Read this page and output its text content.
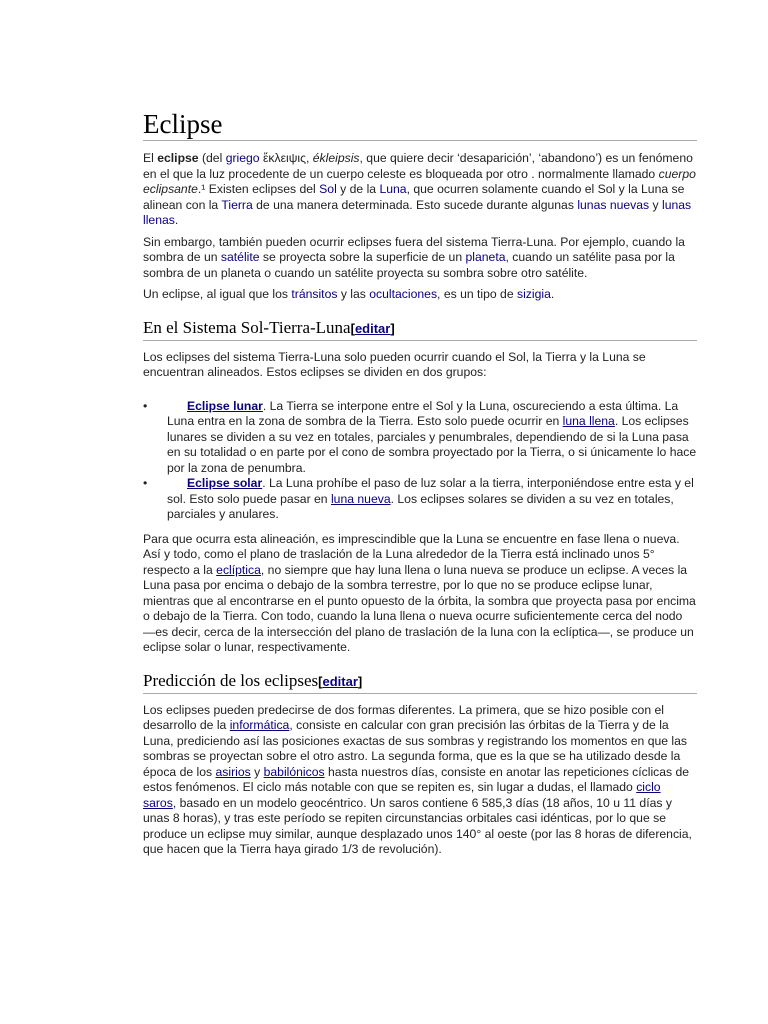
Eclipse

El eclipse (del griego ἔκλειψις, ékleipsis, que quiere decir ‘desaparición’, ‘abandono’) es un fenómeno en el que la luz procedente de un cuerpo celeste es bloqueada por otro . normalmente llamado cuerpo eclipsante.¹ Existen eclipses del Sol y de la Luna, que ocurren solamente cuando el Sol y la Luna se alinean con la Tierra de una manera determinada. Esto sucede durante algunas lunas nuevas y lunas llenas.

Sin embargo, también pueden ocurrir eclipses fuera del sistema Tierra-Luna. Por ejemplo, cuando la sombra de un satélite se proyecta sobre la superficie de un planeta, cuando un satélite pasa por la sombra de un planeta o cuando un satélite proyecta su sombra sobre otro satélite.

Un eclipse, al igual que los tránsitos y las ocultaciones, es un tipo de sizigia.

En el Sistema Sol-Tierra-Luna[editar]

Los eclipses del sistema Tierra-Luna solo pueden ocurrir cuando el Sol, la Tierra y la Luna se encuentran alineados. Estos eclipses se dividen en dos grupos:

•	Eclipse lunar. La Tierra se interpone entre el Sol y la Luna, oscureciendo a esta última. La Luna entra en la zona de sombra de la Tierra. Esto solo puede ocurrir en luna llena. Los eclipses lunares se dividen a su vez en totales, parciales y penumbrales, dependiendo de si la Luna pasa en su totalidad o en parte por el cono de sombra proyectado por la Tierra, o si únicamente lo hace por la zona de penumbra.
•	Eclipse solar. La Luna prohíbe el paso de luz solar a la tierra, interponiéndose entre esta y el sol. Esto solo puede pasar en luna nueva. Los eclipses solares se dividen a su vez en totales, parciales y anulares.

Para que ocurra esta alineación, es imprescindible que la Luna se encuentre en fase llena o nueva. Así y todo, como el plano de traslación de la Luna alrededor de la Tierra está inclinado unos 5° respecto a la eclíptica, no siempre que hay luna llena o luna nueva se produce un eclipse. A veces la Luna pasa por encima o debajo de la sombra terrestre, por lo que no se produce eclipse lunar, mientras que al encontrarse en el punto opuesto de la órbita, la sombra que proyecta pasa por encima o debajo de la Tierra. Con todo, cuando la luna llena o nueva ocurre suficientemente cerca del nodo —es decir, cerca de la intersección del plano de traslación de la luna con la eclíptica—, se produce un eclipse solar o lunar, respectivamente.

Predicción de los eclipses[editar]

Los eclipses pueden predecirse de dos formas diferentes. La primera, que se hizo posible con el desarrollo de la informática, consiste en calcular con gran precisión las órbitas de la Tierra y de la Luna, prediciendo así las posiciones exactas de sus sombras y registrando los momentos en que las sombras se proyectan sobre el otro astro. La segunda forma, que es la que se ha utilizado desde la época de los asirios y babilónicos hasta nuestros días, consiste en anotar las repeticiones cíclicas de estos fenómenos. El ciclo más notable con que se repiten es, sin lugar a dudas, el llamado ciclo saros, basado en un modelo geocéntrico. Un saros contiene 6 585,3 días (18 años, 10 u 11 días y unas 8 horas), y tras este período se repiten circunstancias orbitales casi idénticas, por lo que se produce un eclipse muy similar, aunque desplazado unos 140° al oeste (por las 8 horas de diferencia, que hacen que la Tierra haya girado 1/3 de revolución).
